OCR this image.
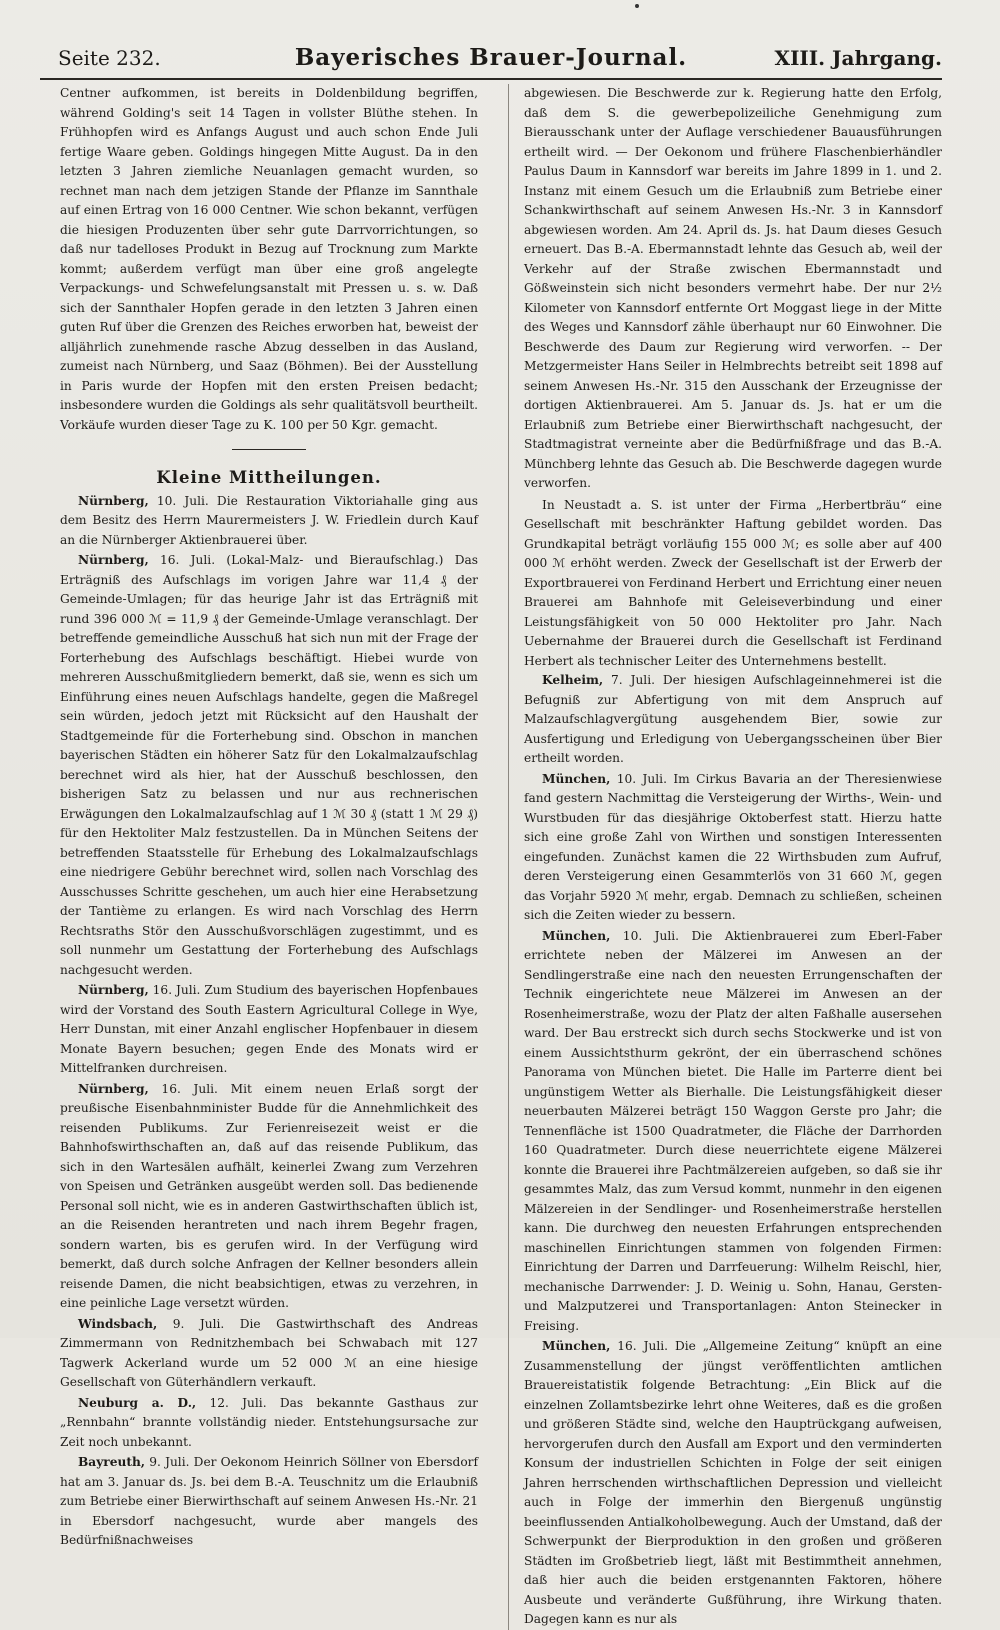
Seite 232.	Bayerisches Brauer-Journal.	XIII. Jahrgang.

Centner aufkommen, ist bereits in Doldenbildung begriffen, während Golding's seit 14 Tagen in vollster Blüthe stehen. In Frühhopfen wird es Anfangs August und auch schon Ende Juli fertige Waare geben. Goldings hingegen Mitte August. Da in den letzten 3 Jahren ziemliche Neuanlagen gemacht wurden, so rechnet man nach dem jetzigen Stande der Pflanze im Sannthale auf einen Ertrag von 16 000 Centner. Wie schon bekannt, verfügen die hiesigen Produzenten über sehr gute Darrvorrichtungen, so daß nur tadelloses Produkt in Bezug auf Trocknung zum Markte kommt; außerdem verfügt man über eine groß angelegte Verpackungs- und Schwefelungsanstalt mit Pressen u. s. w. Daß sich der Sannthaler Hopfen gerade in den letzten 3 Jahren einen guten Ruf über die Grenzen des Reiches erworben hat, beweist der alljährlich zunehmende rasche Abzug desselben in das Ausland, zumeist nach Nürnberg, und Saaz (Böhmen). Bei der Ausstellung in Paris wurde der Hopfen mit den ersten Preisen bedacht; insbesondere wurden die Goldings als sehr qualitätsvoll beurtheilt. Vorkäufe wurden dieser Tage zu K. 100 per 50 Kgr. gemacht.

Kleine Mittheilungen.

Nürnberg, 10. Juli. Die Restauration Viktoriahalle ging aus dem Besitz des Herrn Maurermeisters J. W. Friedlein durch Kauf an die Nürnberger Aktienbrauerei über.

Nürnberg, 16. Juli. (Lokal-Malz- und Bieraufschlag.) Das Erträgniß des Aufschlags im vorigen Jahre war 11,4 ₰ der Gemeinde-Umlagen; für das heurige Jahr ist das Erträgniß mit rund 396 000 ℳ = 11,9 ₰ der Gemeinde-Umlage veranschlagt. Der betreffende gemeindliche Ausschuß hat sich nun mit der Frage der Forterhebung des Aufschlags beschäftigt. Hiebei wurde von mehreren Ausschußmitgliedern bemerkt, daß sie, wenn es sich um Einführung eines neuen Aufschlags handelte, gegen die Maßregel sein würden, jedoch jetzt mit Rücksicht auf den Haushalt der Stadtgemeinde für die Forterhebung sind. Obschon in manchen bayerischen Städten ein höherer Satz für den Lokalmalzaufschlag berechnet wird als hier, hat der Ausschuß beschlossen, den bisherigen Satz zu belassen und nur aus rechnerischen Erwägungen den Lokalmalzaufschlag auf 1 ℳ 30 ₰ (statt 1 ℳ 29 ₰) für den Hektoliter Malz festzustellen. Da in München Seitens der betreffenden Staatsstelle für Erhebung des Lokalmalzaufschlags eine niedrigere Gebühr berechnet wird, sollen nach Vorschlag des Ausschusses Schritte geschehen, um auch hier eine Herabsetzung der Tantième zu erlangen. Es wird nach Vorschlag des Herrn Rechtsraths Stör den Ausschußvorschlägen zugestimmt, und es soll nunmehr um Gestattung der Forterhebung des Aufschlags nachgesucht werden.

Nürnberg, 16. Juli. Zum Studium des bayerischen Hopfenbaues wird der Vorstand des South Eastern Agricultural College in Wye, Herr Dunstan, mit einer Anzahl englischer Hopfenbauer in diesem Monate Bayern besuchen; gegen Ende des Monats wird er Mittelfranken durchreisen.

Nürnberg, 16. Juli. Mit einem neuen Erlaß sorgt der preußische Eisenbahnminister Budde für die Annehmlichkeit des reisenden Publikums. Zur Ferienreisezeit weist er die Bahnhofswirthschaften an, daß auf das reisende Publikum, das sich in den Wartesälen aufhält, keinerlei Zwang zum Verzehren von Speisen und Getränken ausgeübt werden soll. Das bedienende Personal soll nicht, wie es in anderen Gastwirthschaften üblich ist, an die Reisenden herantreten und nach ihrem Begehr fragen, sondern warten, bis es gerufen wird. In der Verfügung wird bemerkt, daß durch solche Anfragen der Kellner besonders allein reisende Damen, die nicht beabsichtigen, etwas zu verzehren, in eine peinliche Lage versetzt würden.

Windsbach, 9. Juli. Die Gastwirthschaft des Andreas Zimmermann von Rednitzhembach bei Schwabach mit 127 Tagwerk Ackerland wurde um 52 000 ℳ an eine hiesige Gesellschaft von Güterhändlern verkauft.

Neuburg a. D., 12. Juli. Das bekannte Gasthaus zur „Rennbahn“ brannte vollständig nieder. Entstehungsursache zur Zeit noch unbekannt.

Bayreuth, 9. Juli. Der Oekonom Heinrich Söllner von Ebersdorf hat am 3. Januar ds. Js. bei dem B.-A. Teuschnitz um die Erlaubniß zum Betriebe einer Bierwirthschaft auf seinem Anwesen Hs.-Nr. 21 in Ebersdorf nachgesucht, wurde aber mangels des Bedürfnißnachweises

abgewiesen. Die Beschwerde zur k. Regierung hatte den Erfolg, daß dem S. die gewerbepolizeiliche Genehmigung zum Bierausschank unter der Auflage verschiedener Bauausführungen ertheilt wird. — Der Oekonom und frühere Flaschenbierhändler Paulus Daum in Kannsdorf war bereits im Jahre 1899 in 1. und 2. Instanz mit einem Gesuch um die Erlaubniß zum Betriebe einer Schankwirthschaft auf seinem Anwesen Hs.-Nr. 3 in Kannsdorf abgewiesen worden. Am 24. April ds. Js. hat Daum dieses Gesuch erneuert. Das B.-A. Ebermannstadt lehnte das Gesuch ab, weil der Verkehr auf der Straße zwischen Ebermannstadt und Gößweinstein sich nicht besonders vermehrt habe. Der nur 2½ Kilometer von Kannsdorf entfernte Ort Moggast liege in der Mitte des Weges und Kannsdorf zähle überhaupt nur 60 Einwohner. Die Beschwerde des Daum zur Regierung wird verworfen. -- Der Metzgermeister Hans Seiler in Helmbrechts betreibt seit 1898 auf seinem Anwesen Hs.-Nr. 315 den Ausschank der Erzeugnisse der dortigen Aktienbrauerei. Am 5. Januar ds. Js. hat er um die Erlaubniß zum Betriebe einer Bierwirthschaft nachgesucht, der Stadtmagistrat verneinte aber die Bedürfnißfrage und das B.-A. Münchberg lehnte das Gesuch ab. Die Beschwerde dagegen wurde verworfen.

In Neustadt a. S. ist unter der Firma „Herbertbräu“ eine Gesellschaft mit beschränkter Haftung gebildet worden. Das Grundkapital beträgt vorläufig 155 000 ℳ; es solle aber auf 400 000 ℳ erhöht werden. Zweck der Gesellschaft ist der Erwerb der Exportbrauerei von Ferdinand Herbert und Errichtung einer neuen Brauerei am Bahnhofe mit Geleiseverbindung und einer Leistungsfähigkeit von 50 000 Hektoliter pro Jahr. Nach Uebernahme der Brauerei durch die Gesellschaft ist Ferdinand Herbert als technischer Leiter des Unternehmens bestellt.

Kelheim, 7. Juli. Der hiesigen Aufschlageinnehmerei ist die Befugniß zur Abfertigung von mit dem Anspruch auf Malzaufschlagvergütung ausgehendem Bier, sowie zur Ausfertigung und Erledigung von Uebergangsscheinen über Bier ertheilt worden.

München, 10. Juli. Im Cirkus Bavaria an der Theresienwiese fand gestern Nachmittag die Versteigerung der Wirths-, Wein- und Wurstbuden für das diesjährige Oktoberfest statt. Hierzu hatte sich eine große Zahl von Wirthen und sonstigen Interessenten eingefunden. Zunächst kamen die 22 Wirthsbuden zum Aufruf, deren Versteigerung einen Gesammterlös von 31 660 ℳ, gegen das Vorjahr 5920 ℳ mehr, ergab. Demnach zu schließen, scheinen sich die Zeiten wieder zu bessern.

München, 10. Juli. Die Aktienbrauerei zum Eberl-Faber errichtete neben der Mälzerei im Anwesen an der Sendlingerstraße eine nach den neuesten Errungenschaften der Technik eingerichtete neue Mälzerei im Anwesen an der Rosenheimerstraße, wozu der Platz der alten Faßhalle ausersehen ward. Der Bau erstreckt sich durch sechs Stockwerke und ist von einem Aussichtsthurm gekrönt, der ein überraschend schönes Panorama von München bietet. Die Halle im Parterre dient bei ungünstigem Wetter als Bierhalle. Die Leistungsfähigkeit dieser neuerbauten Mälzerei beträgt 150 Waggon Gerste pro Jahr; die Tennenfläche ist 1500 Quadratmeter, die Fläche der Darrhorden 160 Quadratmeter. Durch diese neuerrichtete eigene Mälzerei konnte die Brauerei ihre Pachtmälzereien aufgeben, so daß sie ihr gesammtes Malz, das zum Versud kommt, nunmehr in den eigenen Mälzereien in der Sendlinger- und Rosenheimerstraße herstellen kann. Die durchweg den neuesten Erfahrungen entsprechenden maschinellen Einrichtungen stammen von folgenden Firmen: Einrichtung der Darren und Darrfeuerung: Wilhelm Reischl, hier, mechanische Darrwender: J. D. Weinig u. Sohn, Hanau, Gersten- und Malzputzerei und Transportanlagen: Anton Steinecker in Freising.

München, 16. Juli. Die „Allgemeine Zeitung“ knüpft an eine Zusammenstellung der jüngst veröffentlichten amtlichen Brauereistatistik folgende Betrachtung: „Ein Blick auf die einzelnen Zollamtsbezirke lehrt ohne Weiteres, daß es die großen und größeren Städte sind, welche den Hauptrückgang aufweisen, hervorgerufen durch den Ausfall am Export und den verminderten Konsum der industriellen Schichten in Folge der seit einigen Jahren herrschenden wirthschaftlichen Depression und vielleicht auch in Folge der immerhin den Biergenuß ungünstig beeinflussenden Antialkoholbewegung. Auch der Umstand, daß der Schwerpunkt der Bierproduktion in den großen und größeren Städten im Großbetrieb liegt, läßt mit Bestimmtheit annehmen, daß hier auch die beiden erstgenannten Faktoren, höhere Ausbeute und veränderte Gußführung, ihre Wirkung thaten. Dagegen kann es nur als
